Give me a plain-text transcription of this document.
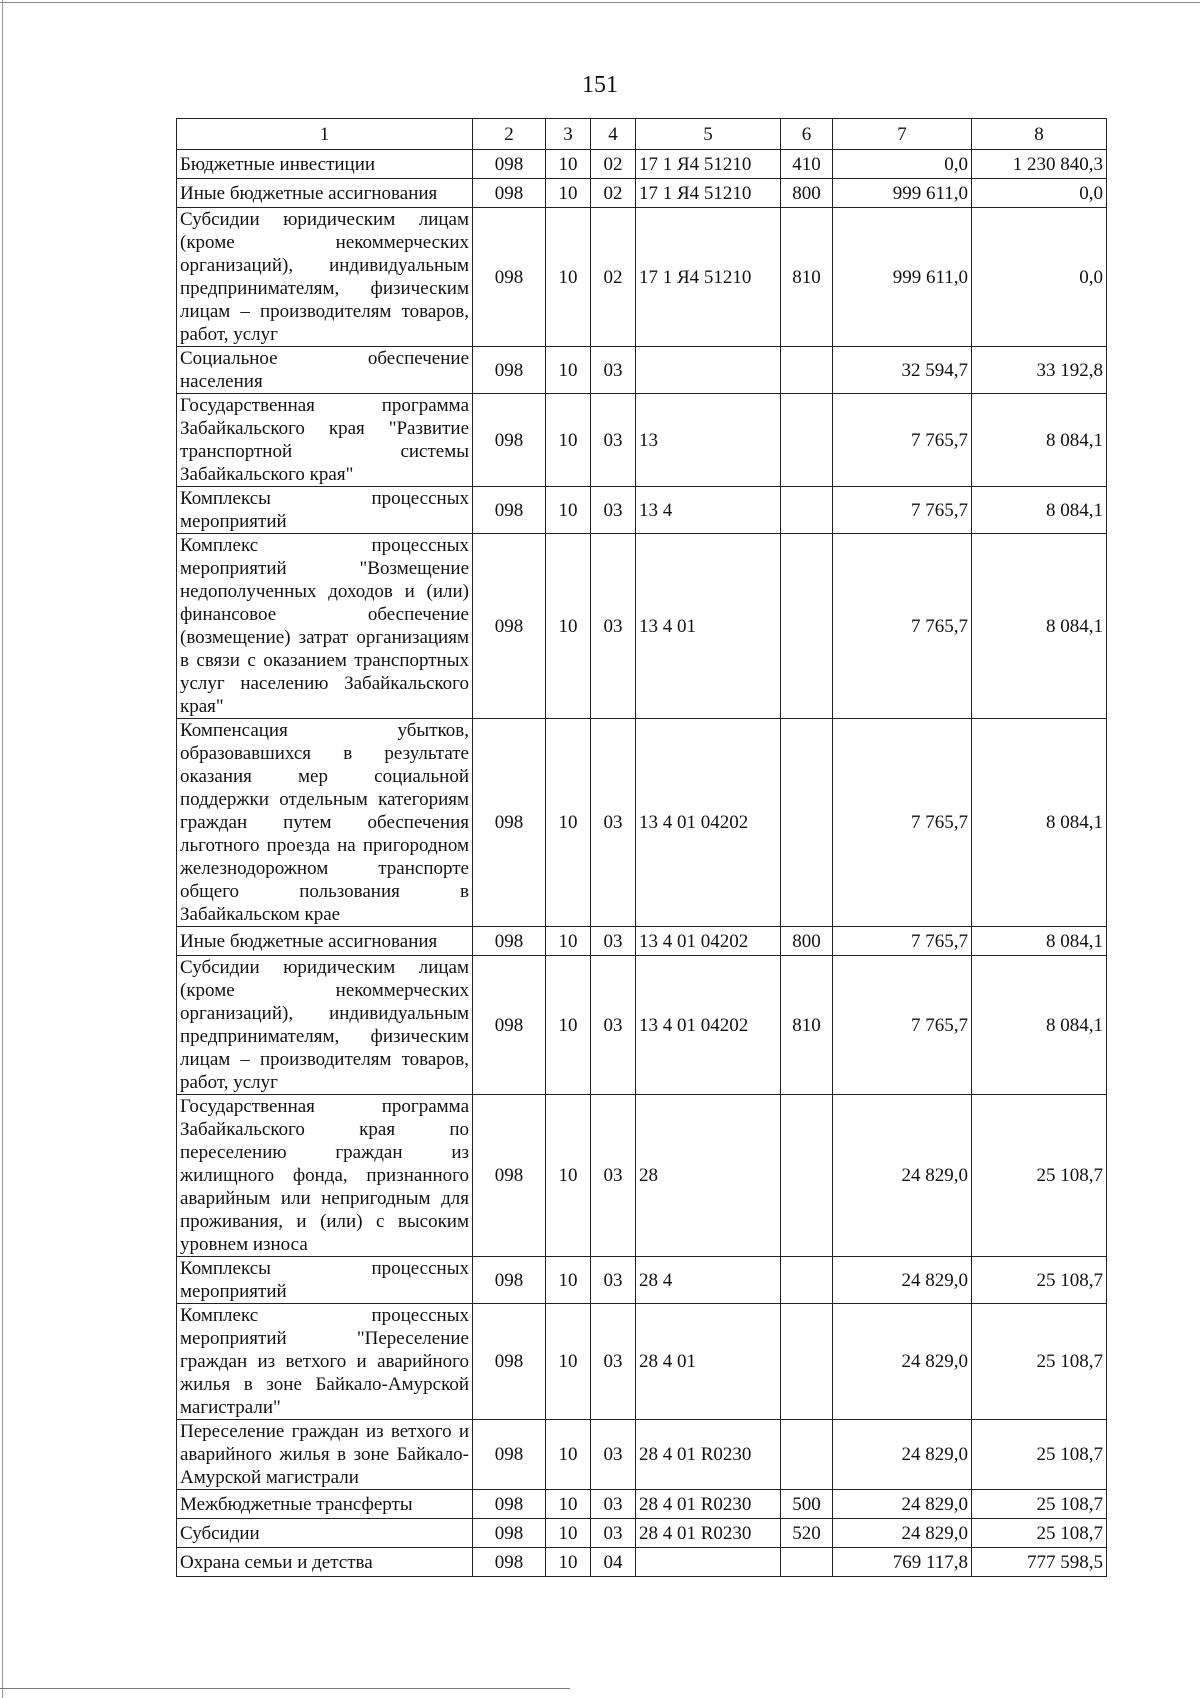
151
1	2	3	4	5	6	7	8
Бюджетные инвестиции	098	10	02	17 1 Я4 51210	410	0,0	1 230 840,3
Иные бюджетные ассигнования	098	10	02	17 1 Я4 51210	800	999 611,0	0,0
Субсидии юридическим лицам (кроме некоммерческих организаций), индивидуальным предпринимателям, физическим лицам – производителям товаров, работ, услуг	098	10	02	17 1 Я4 51210	810	999 611,0	0,0
Социальное обеспечение населения	098	10	03			32 594,7	33 192,8
Государственная программа Забайкальского края "Развитие транспортной системы Забайкальского края"	098	10	03	13		7 765,7	8 084,1
Комплексы процессных мероприятий	098	10	03	13 4		7 765,7	8 084,1
Комплекс процессных мероприятий "Возмещение недополученных доходов и (или) финансовое обеспечение (возмещение) затрат организациям в связи с оказанием транспортных услуг населению Забайкальского края"	098	10	03	13 4 01		7 765,7	8 084,1
Компенсация убытков, образовавшихся в результате оказания мер социальной поддержки отдельным категориям граждан путем обеспечения льготного проезда на пригородном железнодорожном транспорте общего пользования в Забайкальском крае	098	10	03	13 4 01 04202		7 765,7	8 084,1
Иные бюджетные ассигнования	098	10	03	13 4 01 04202	800	7 765,7	8 084,1
Субсидии юридическим лицам (кроме некоммерческих организаций), индивидуальным предпринимателям, физическим лицам – производителям товаров, работ, услуг	098	10	03	13 4 01 04202	810	7 765,7	8 084,1
Государственная программа Забайкальского края по переселению граждан из жилищного фонда, признанного аварийным или непригодным для проживания, и (или) с высоким уровнем износа	098	10	03	28		24 829,0	25 108,7
Комплексы процессных мероприятий	098	10	03	28 4		24 829,0	25 108,7
Комплекс процессных мероприятий "Переселение граждан из ветхого и аварийного жилья в зоне Байкало-Амурской магистрали"	098	10	03	28 4 01		24 829,0	25 108,7
Переселение граждан из ветхого и аварийного жилья в зоне Байкало-Амурской магистрали	098	10	03	28 4 01 R0230		24 829,0	25 108,7
Межбюджетные трансферты	098	10	03	28 4 01 R0230	500	24 829,0	25 108,7
Субсидии	098	10	03	28 4 01 R0230	520	24 829,0	25 108,7
Охрана семьи и детства	098	10	04			769 117,8	777 598,5
